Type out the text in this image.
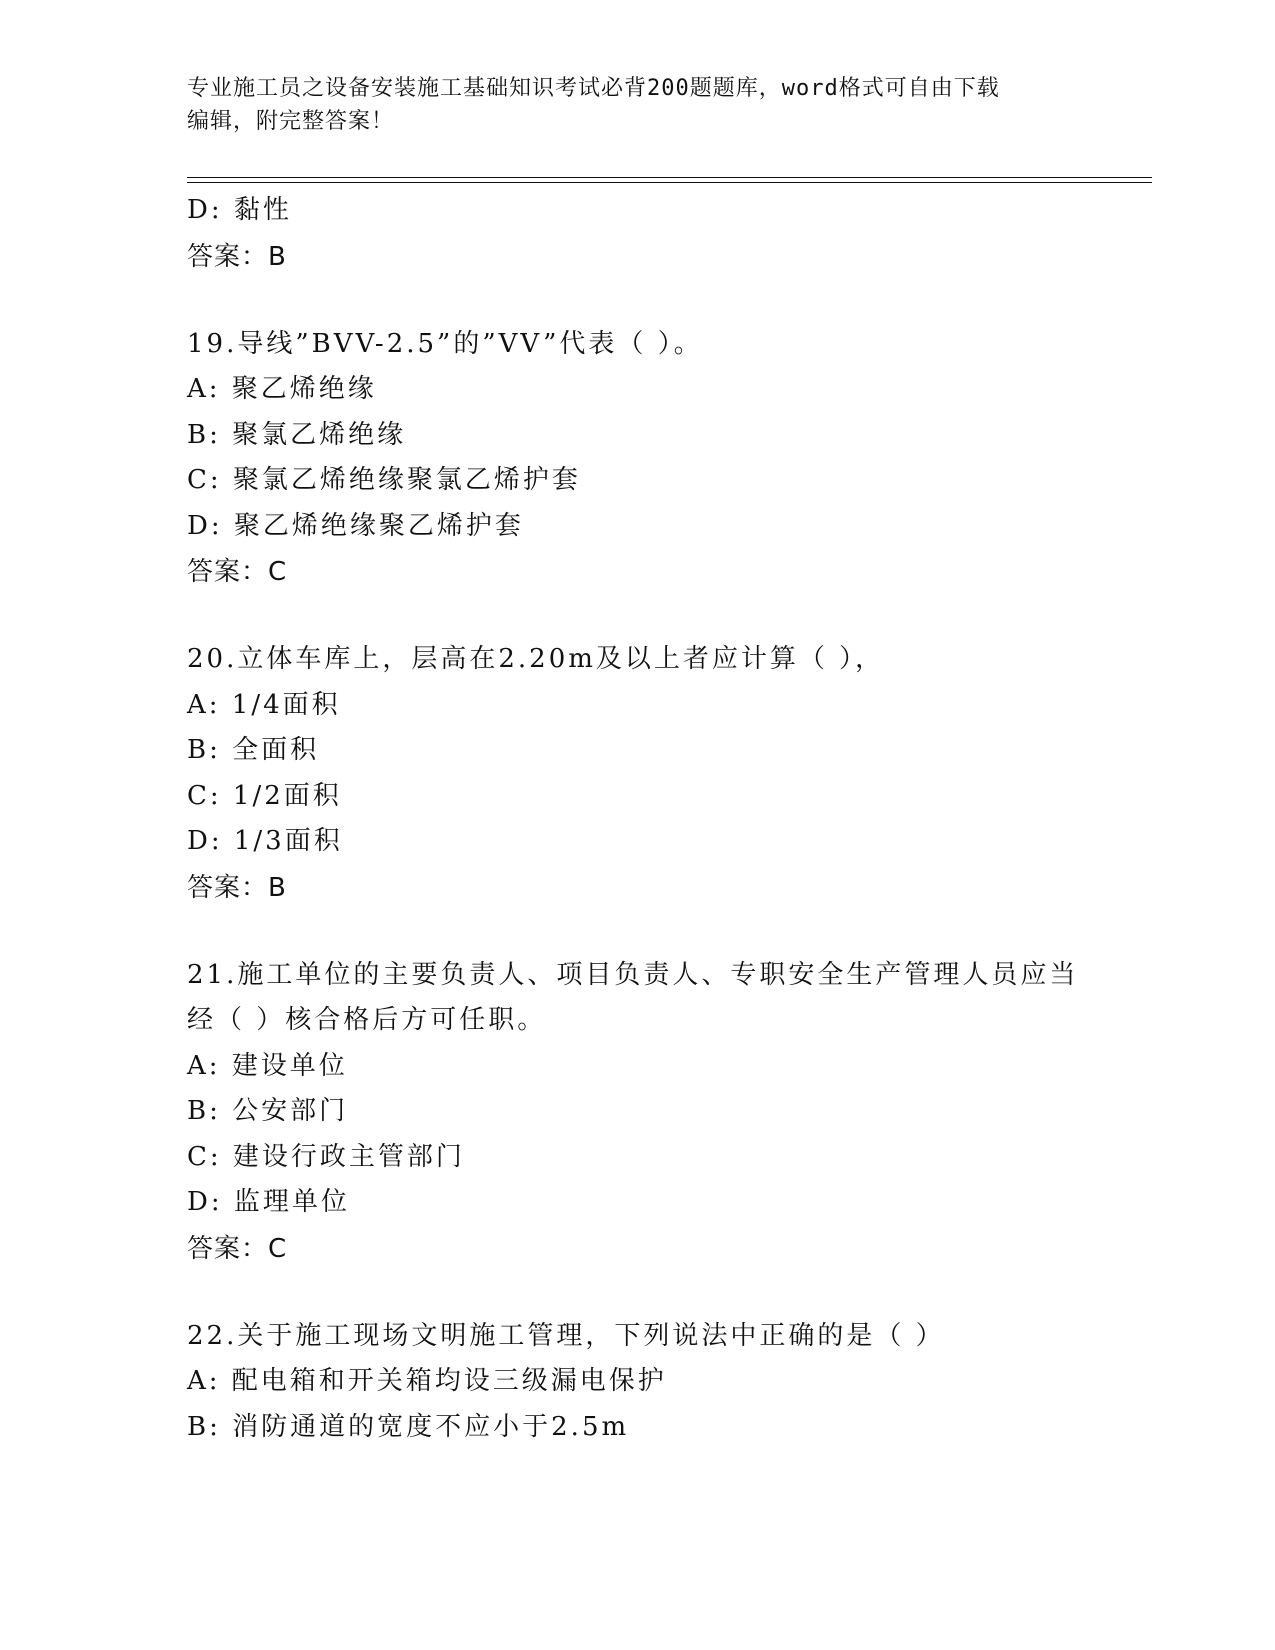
专业施工员之设备安装施工基础知识考试必背200题题库，word格式可自由下载
编辑，附完整答案！
D: 黏性
答案：B
19.导线”BVV-2.5”的”VV”代表（ ）。
A: 聚乙烯绝缘
B: 聚氯乙烯绝缘
C: 聚氯乙烯绝缘聚氯乙烯护套
D: 聚乙烯绝缘聚乙烯护套
答案：C
20.立体车库上，层高在2.20m及以上者应计算（ ），
A: 1/4面积
B: 全面积
C: 1/2面积
D: 1/3面积
答案：B
21.施工单位的主要负责人、项目负责人、专职安全生产管理人员应当
经（ ）核合格后方可任职。
A: 建设单位
B: 公安部门
C: 建设行政主管部门
D: 监理单位
答案：C
22.关于施工现场文明施工管理，下列说法中正确的是（ ）
A: 配电箱和开关箱均设三级漏电保护
B: 消防通道的宽度不应小于2.5m
